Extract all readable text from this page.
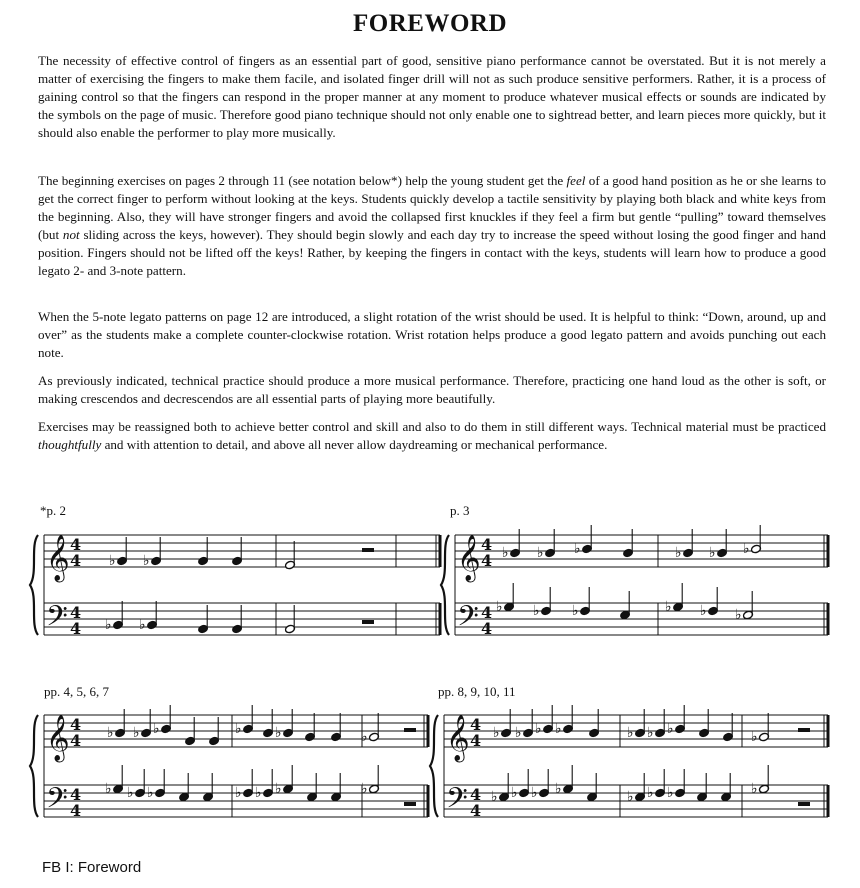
FOREWORD

The necessity of effective control of fingers as an essential part of good, sensitive piano performance cannot be overstated. But it is not merely a matter of exercising the fingers to make them facile, and isolated finger drill will not as such produce sensitive performers. Rather, it is a process of gaining control so that the fingers can respond in the proper manner at any moment to produce whatever musical effects or sounds are indicated by the symbols on the page of music. Therefore good piano technique should not only enable one to sightread better, and learn pieces more quickly, but it should also enable the performer to play more musically.

The beginning exercises on pages 2 through 11 (see notation below*) help the young student get the feel of a good hand position as he or she learns to get the correct finger to perform without looking at the keys. Students quickly develop a tactile sensitivity by playing both black and white keys from the beginning. Also, they will have stronger fingers and avoid the collapsed first knuckles if they feel a firm but gentle “pulling” toward themselves (but not sliding across the keys, however). They should begin slowly and each day try to increase the speed without losing the good finger and hand position. Fingers should not be lifted off the keys! Rather, by keeping the fingers in contact with the keys, students will learn how to produce a good legato 2- and 3-note pattern.

When the 5-note legato patterns on page 12 are introduced, a slight rotation of the wrist should be used. It is helpful to think: “Down, around, up and over” as the students make a complete counter-clockwise rotation. Wrist rotation helps produce a good legato pattern and avoids punching out each note.

As previously indicated, technical practice should produce a more musical performance. Therefore, practicing one hand loud as the other is soft, or making crescendos and decrescendos are all essential parts of playing more beautifully.

Exercises may be reassigned both to achieve better control and skill and also to do them in still different ways. Technical material must be practiced thoughtfully and with attention to detail, and above all never allow daydreaming or mechanical performance.

*p. 2	p. 3
pp. 4, 5, 6, 7	pp. 8, 9, 10, 11
𝄞
𝄢
4
4
4
4
♭ ♭
♭ ♭
𝄞
𝄢
4
4
4
4
♭ ♭ ♭	♭ ♭ ♭
♭ ♭ ♭	♭ ♭ ♭
𝄞
𝄢
4
4
4
4
♭ ♭ ♭	♭ ♭	♭
♭ ♭ ♭	♭ ♭ ♭	♭
𝄞
𝄢
4
4
4
4
♭ ♭ ♭ ♭	♭ ♭ ♭	♭
♭ ♭ ♭ ♭	♭ ♭ ♭	♭
FB I: Foreword
